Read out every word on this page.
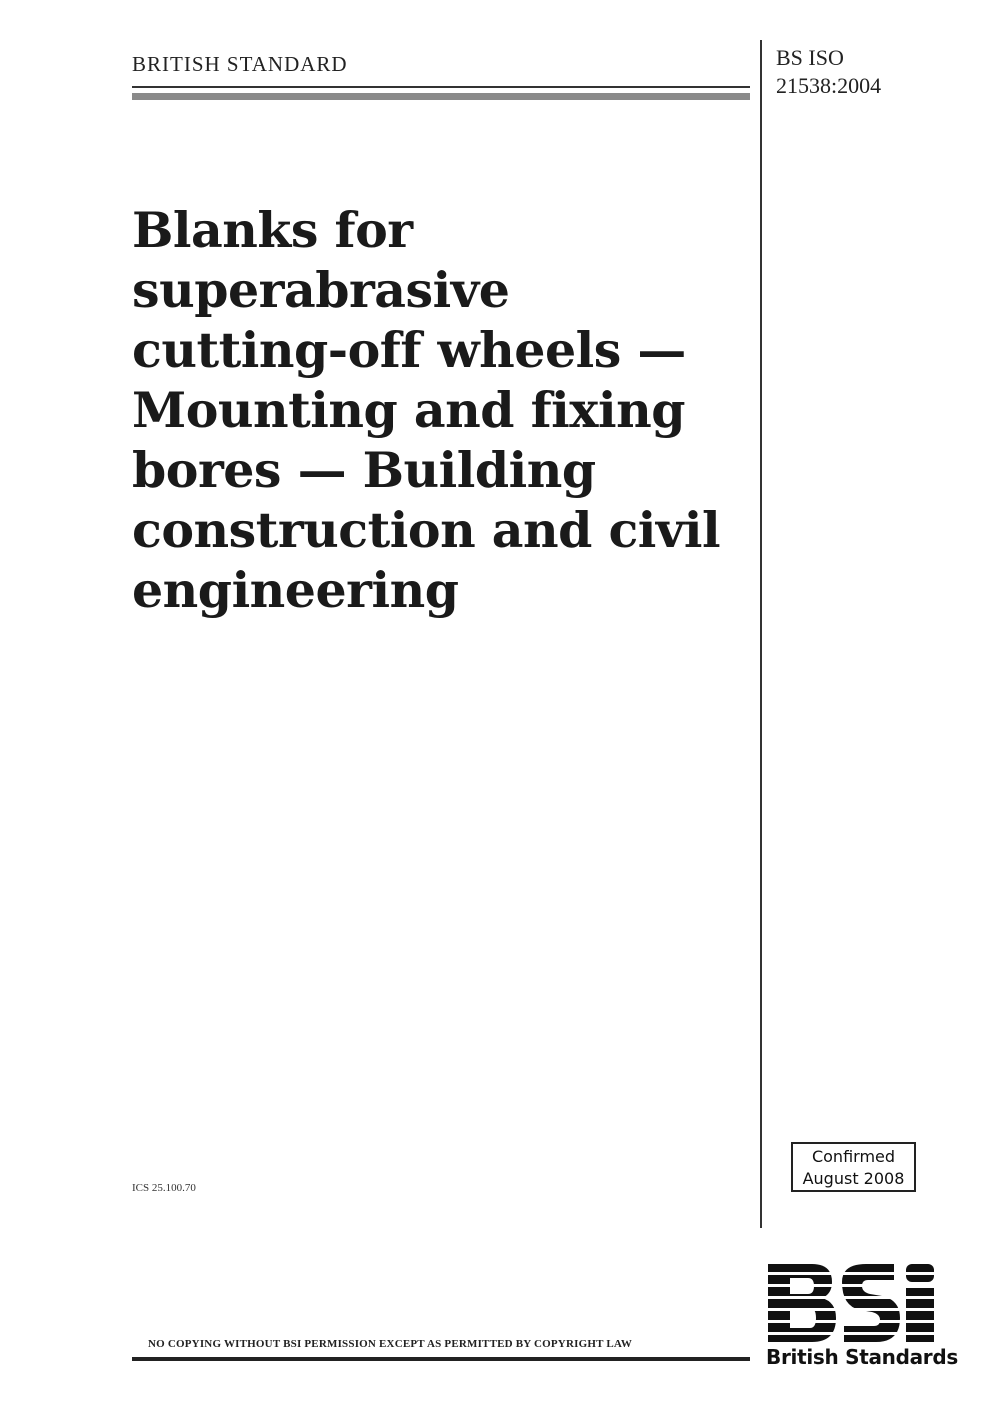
BRITISH STANDARD	BS ISO
21538:2004
Blanks for
superabrasive
cutting-off wheels —
Mounting and fixing
bores — Building
construction and civil
engineering
ICS 25.100.70
Confirmed
August 2008
British Standards
NO COPYING WITHOUT BSI PERMISSION EXCEPT AS PERMITTED BY COPYRIGHT LAW
